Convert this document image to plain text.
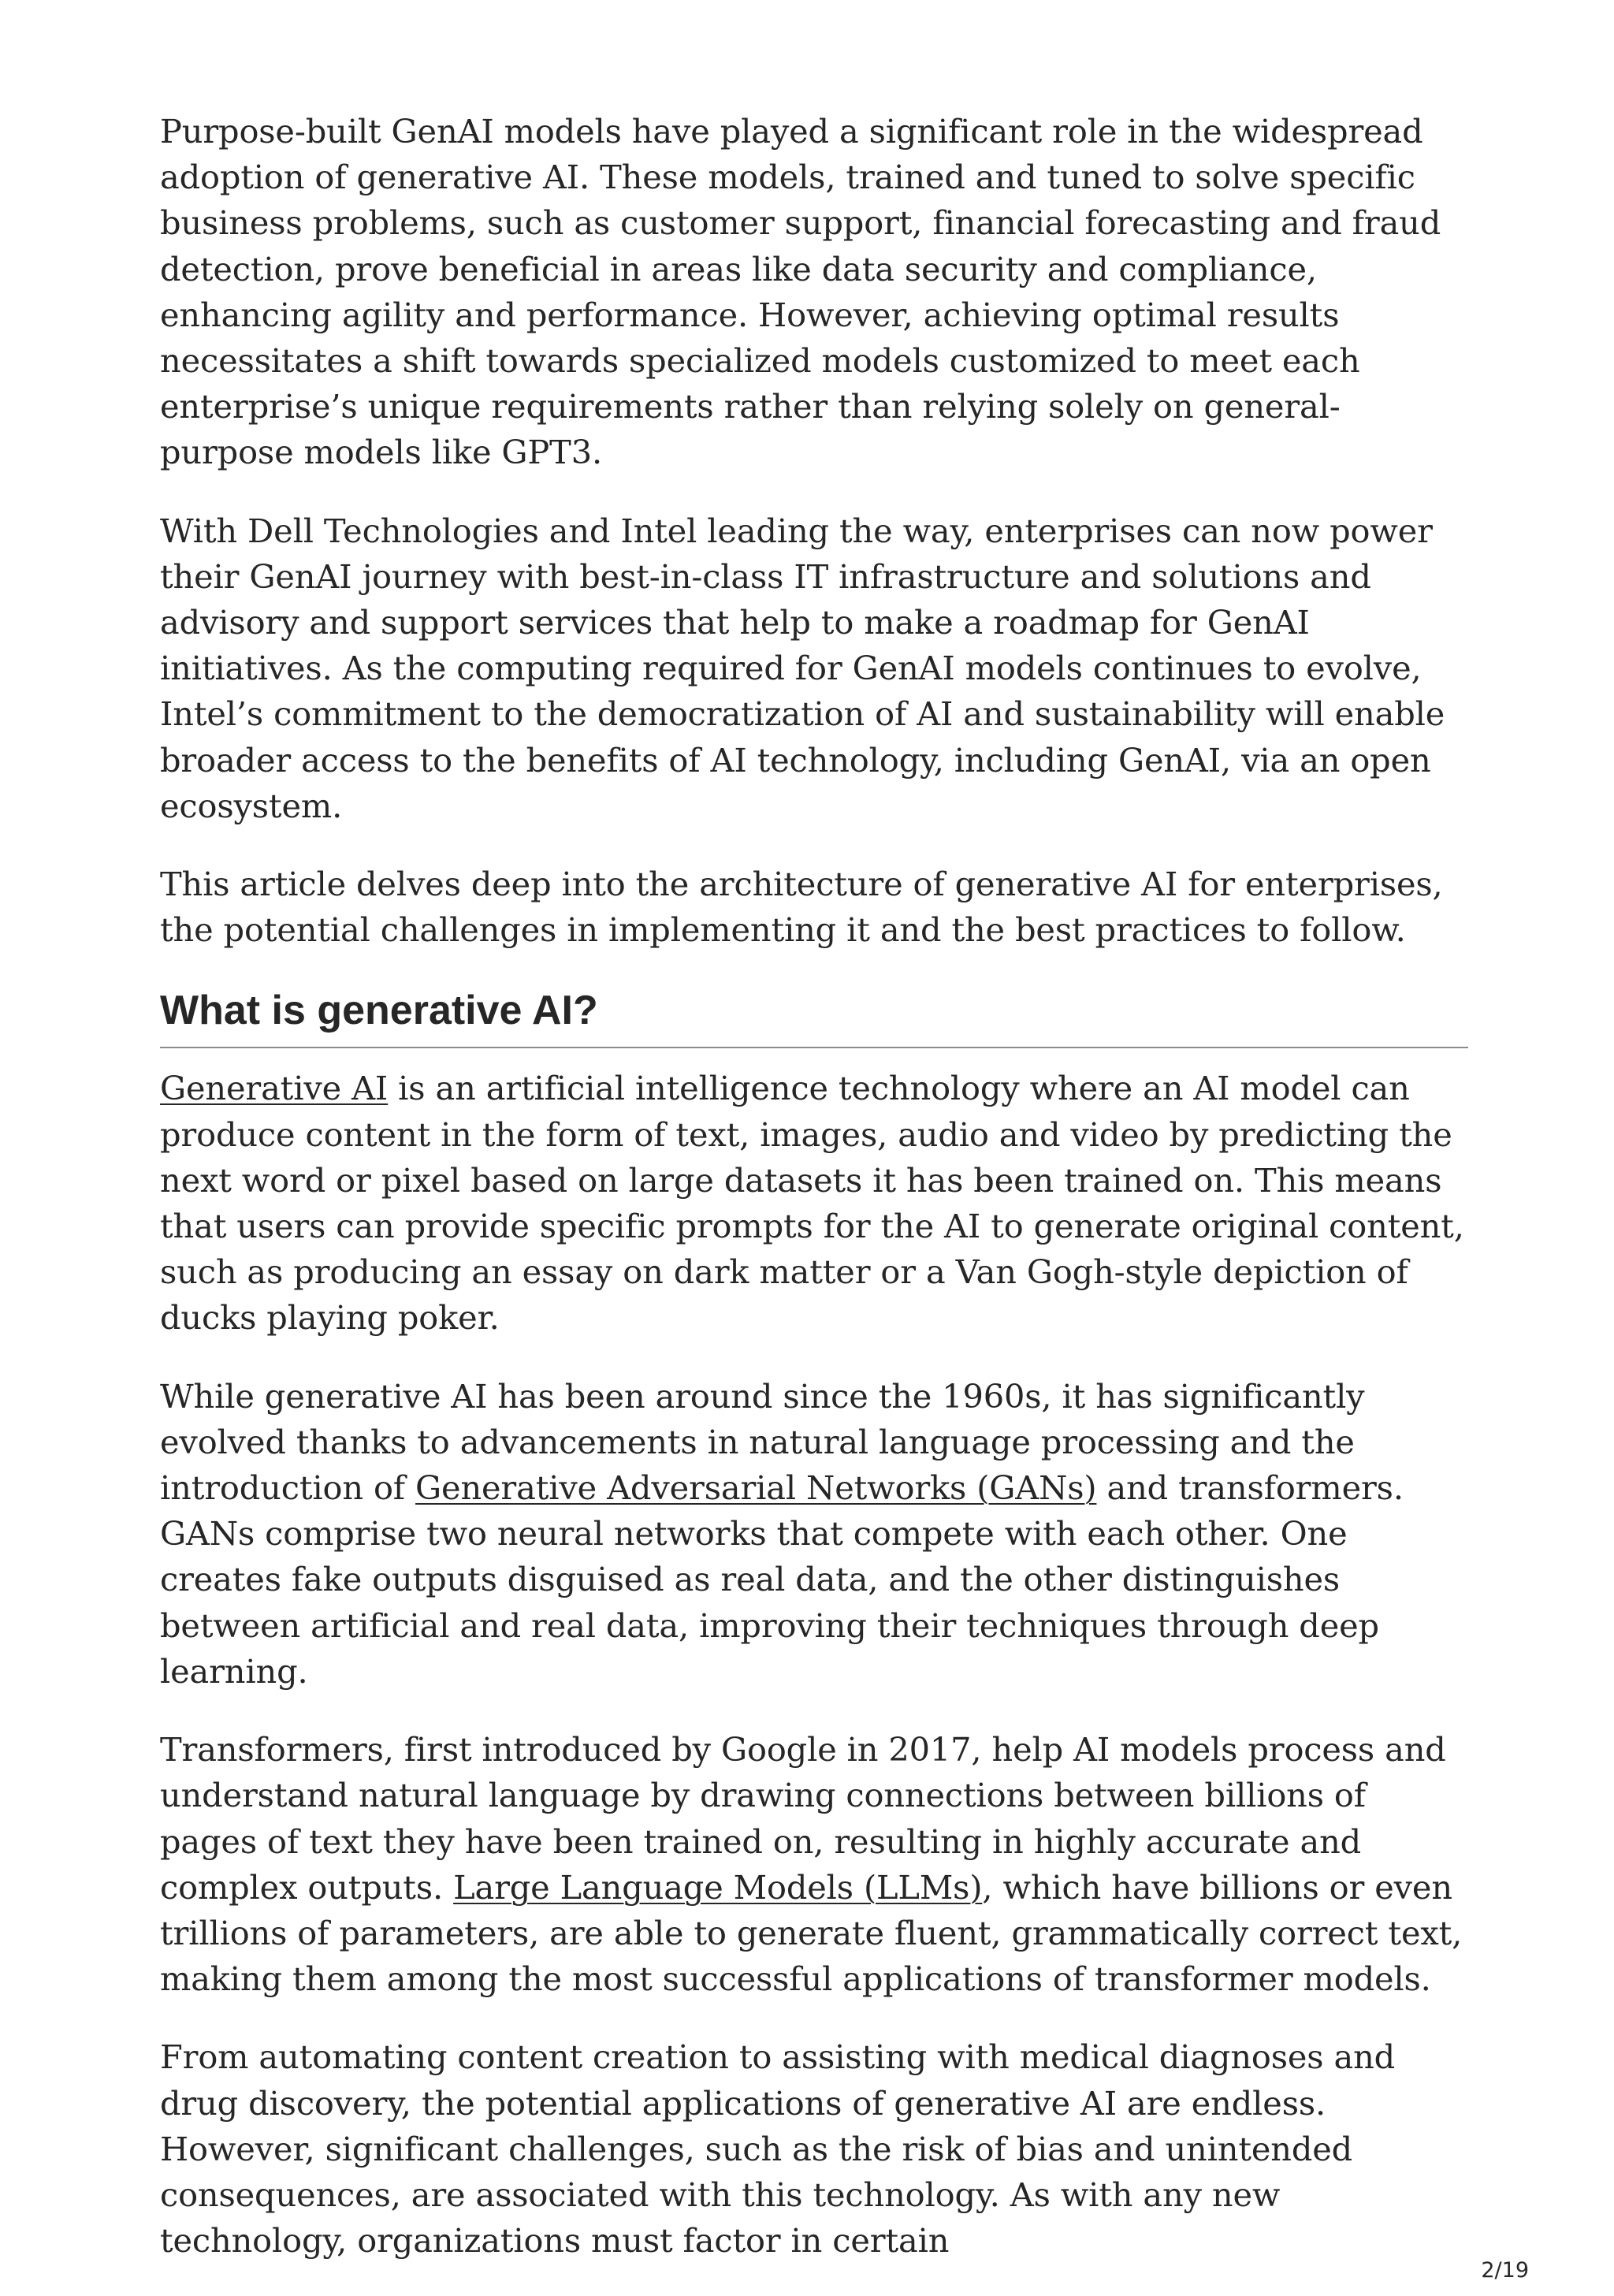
Purpose-built GenAI models have played a significant role in the widespread adoption of generative AI. These models, trained and tuned to solve specific business problems, such as customer support, financial forecasting and fraud detection, prove beneficial in areas like data security and compliance, enhancing agility and performance. However, achieving optimal results necessitates a shift towards specialized models customized to meet each enterprise’s unique requirements rather than relying solely on general-purpose models like GPT3.

With Dell Technologies and Intel leading the way, enterprises can now power their GenAI journey with best-in-class IT infrastructure and solutions and advisory and support services that help to make a roadmap for GenAI initiatives. As the computing required for GenAI models continues to evolve, Intel’s commitment to the democratization of AI and sustainability will enable broader access to the benefits of AI technology, including GenAI, via an open ecosystem.

This article delves deep into the architecture of generative AI for enterprises, the potential challenges in implementing it and the best practices to follow.

What is generative AI?

Generative AI is an artificial intelligence technology where an AI model can produce content in the form of text, images, audio and video by predicting the next word or pixel based on large datasets it has been trained on. This means that users can provide specific prompts for the AI to generate original content, such as producing an essay on dark matter or a Van Gogh-style depiction of ducks playing poker.

While generative AI has been around since the 1960s, it has significantly evolved thanks to advancements in natural language processing and the introduction of Generative Adversarial Networks (GANs) and transformers. GANs comprise two neural networks that compete with each other. One creates fake outputs disguised as real data, and the other distinguishes between artificial and real data, improving their techniques through deep learning.

Transformers, first introduced by Google in 2017, help AI models process and understand natural language by drawing connections between billions of pages of text they have been trained on, resulting in highly accurate and complex outputs. Large Language Models (LLMs), which have billions or even trillions of parameters, are able to generate fluent, grammatically correct text, making them among the most successful applications of transformer models.

From automating content creation to assisting with medical diagnoses and drug discovery, the potential applications of generative AI are endless. However, significant challenges, such as the risk of bias and unintended consequences, are associated with this technology. As with any new technology, organizations must factor in certain

2/19
